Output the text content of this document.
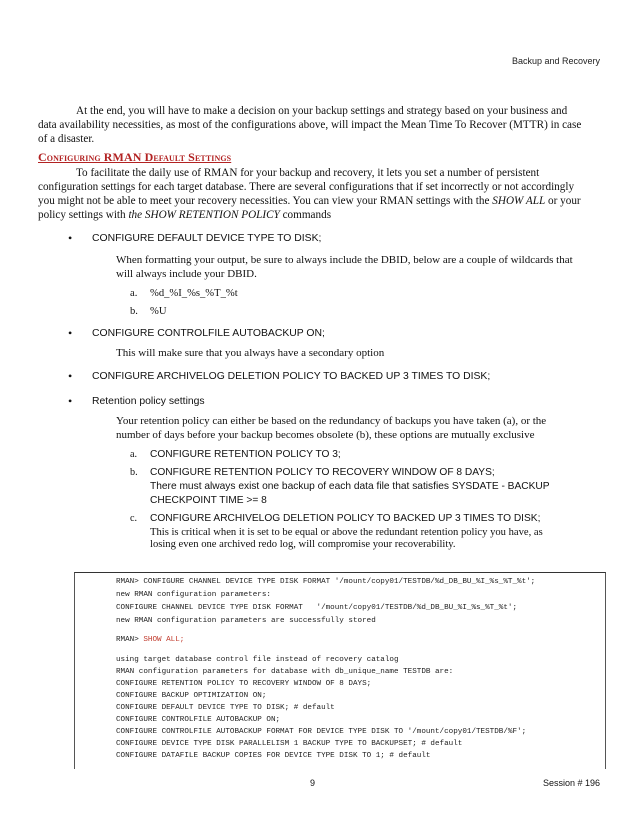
Backup and Recovery
At the end, you will have to make a decision on your backup settings and strategy based on your business and
data availability necessities, as most of the configurations above, will impact the Mean Time To Recover (MTTR) in case
of a disaster.
Configuring RMAN Default Settings
To facilitate the daily use of RMAN for your backup and recovery, it lets you set a number of persistent
configuration settings for each target database. There are several configurations that if set incorrectly or not accordingly
you might not be able to meet your recovery necessities. You can view your RMAN settings with the SHOW ALL or your
policy settings with the SHOW RETENTION POLICY commands
• CONFIGURE DEFAULT DEVICE TYPE TO DISK;
When formatting your output, be sure to always include the DBID, below are a couple of wildcards that
will always include your DBID.
a. %d_%I_%s_%T_%t
b. %U
• CONFIGURE CONTROLFILE AUTOBACKUP ON;
This will make sure that you always have a secondary option
• CONFIGURE ARCHIVELOG DELETION POLICY TO BACKED UP 3 TIMES TO DISK;
• Retention policy settings
Your retention policy can either be based on the redundancy of backups you have taken (a), or the
number of days before your backup becomes obsolete (b), these options are mutually exclusive
a. CONFIGURE RETENTION POLICY TO 3;
b. CONFIGURE RETENTION POLICY TO RECOVERY WINDOW OF 8 DAYS;
There must always exist one backup of each data file that satisfies SYSDATE - BACKUP
CHECKPOINT TIME >= 8
c. CONFIGURE ARCHIVELOG DELETION POLICY TO BACKED UP 3 TIMES TO DISK;
This is critical when it is set to be equal or above the redundant retention policy you have, as
losing even one archived redo log, will compromise your recoverability.
RMAN> CONFIGURE CHANNEL DEVICE TYPE DISK FORMAT '/mount/copy01/TESTDB/%d_DB_BU_%I_%s_%T_%t';
new RMAN configuration parameters:
CONFIGURE CHANNEL DEVICE TYPE DISK FORMAT   '/mount/copy01/TESTDB/%d_DB_BU_%I_%s_%T_%t';
new RMAN configuration parameters are successfully stored
RMAN> SHOW ALL;
using target database control file instead of recovery catalog
RMAN configuration parameters for database with db_unique_name TESTDB are:
CONFIGURE RETENTION POLICY TO RECOVERY WINDOW OF 8 DAYS;
CONFIGURE BACKUP OPTIMIZATION ON;
CONFIGURE DEFAULT DEVICE TYPE TO DISK; # default
CONFIGURE CONTROLFILE AUTOBACKUP ON;
CONFIGURE CONTROLFILE AUTOBACKUP FORMAT FOR DEVICE TYPE DISK TO '/mount/copy01/TESTDB/%F';
CONFIGURE DEVICE TYPE DISK PARALLELISM 1 BACKUP TYPE TO BACKUPSET; # default
CONFIGURE DATAFILE BACKUP COPIES FOR DEVICE TYPE DISK TO 1; # default
9	Session # 196
